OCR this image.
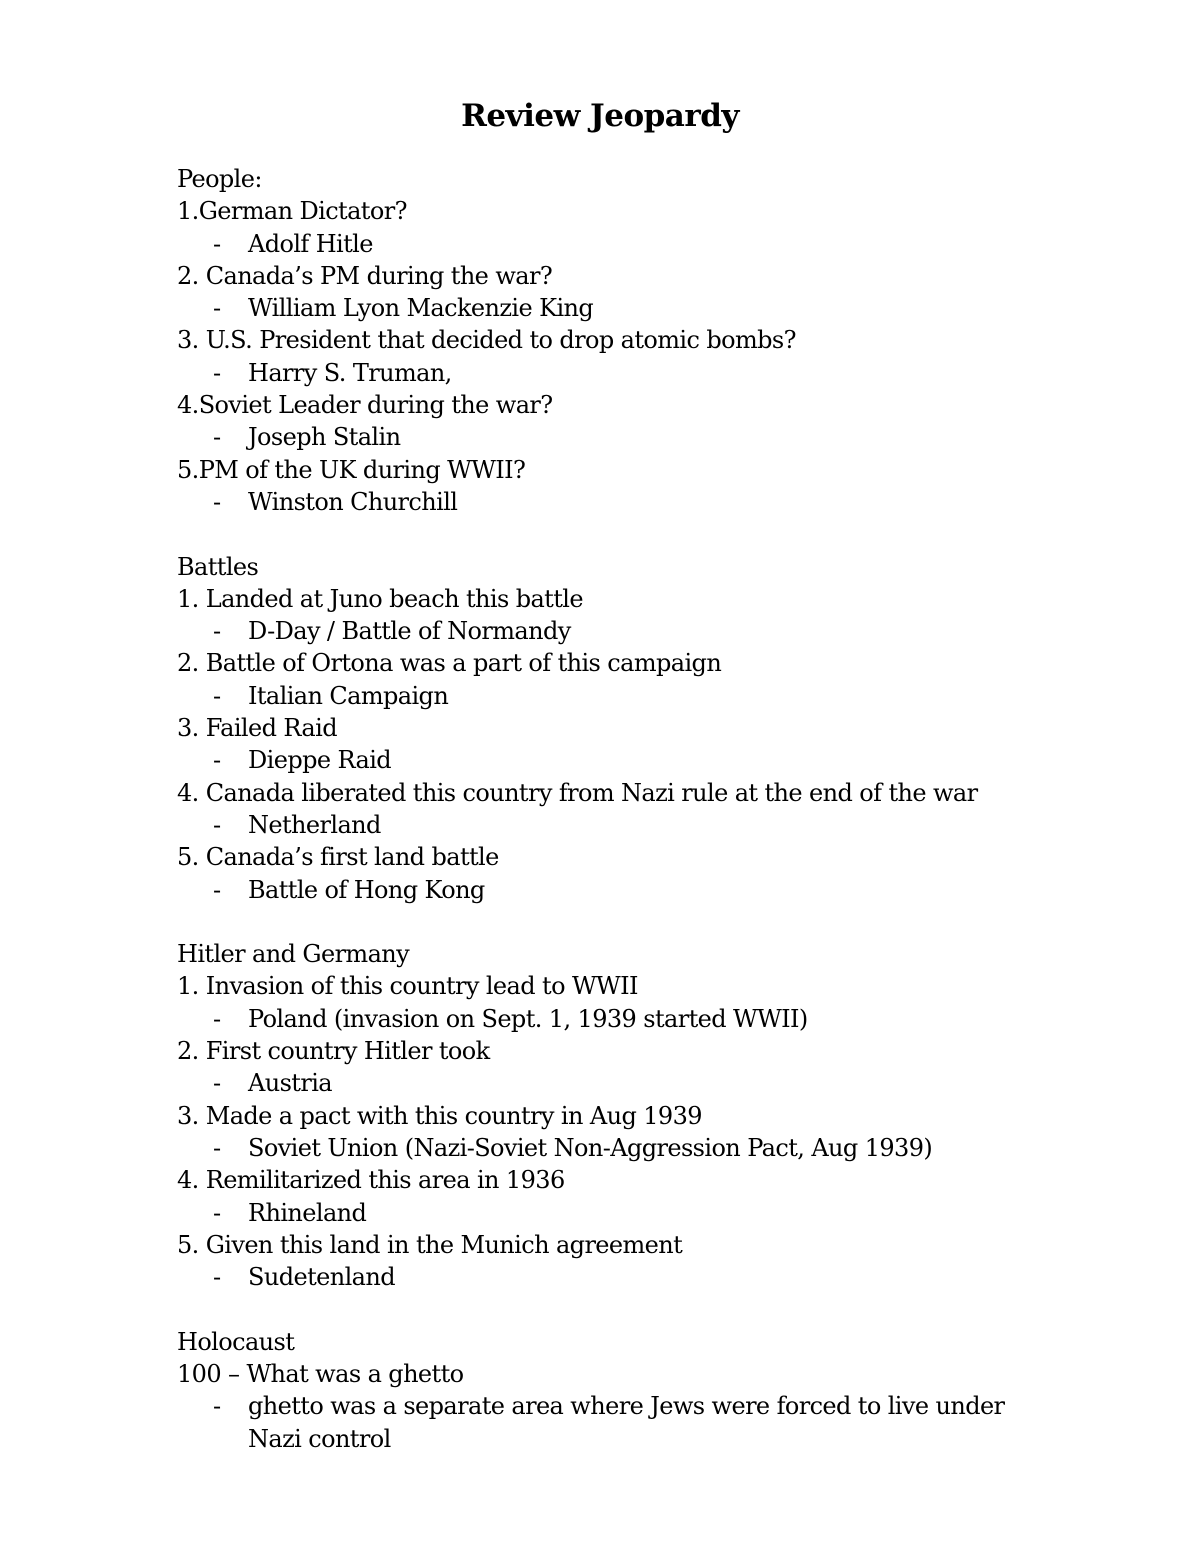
Review Jeopardy
People:
1.German Dictator?
- Adolf Hitle
2. Canada’s PM during the war?
- William Lyon Mackenzie King
3. U.S. President that decided to drop atomic bombs?
- Harry S. Truman,
4.Soviet Leader during the war?
- Joseph Stalin
5.PM of the UK during WWII?
- Winston Churchill
Battles
1. Landed at Juno beach this battle
- D-Day / Battle of Normandy
2. Battle of Ortona was a part of this campaign
- Italian Campaign
3. Failed Raid
- Dieppe Raid
4. Canada liberated this country from Nazi rule at the end of the war
- Netherland
5. Canada’s first land battle
- Battle of Hong Kong
Hitler and Germany
1. Invasion of this country lead to WWII
- Poland (invasion on Sept. 1, 1939 started WWII)
2. First country Hitler took
- Austria
3. Made a pact with this country in Aug 1939
- Soviet Union (Nazi-Soviet Non-Aggression Pact, Aug 1939)
4. Remilitarized this area in 1936
- Rhineland
5. Given this land in the Munich agreement
- Sudetenland
Holocaust
100 – What was a ghetto
- ghetto was a separate area where Jews were forced to live under Nazi control
